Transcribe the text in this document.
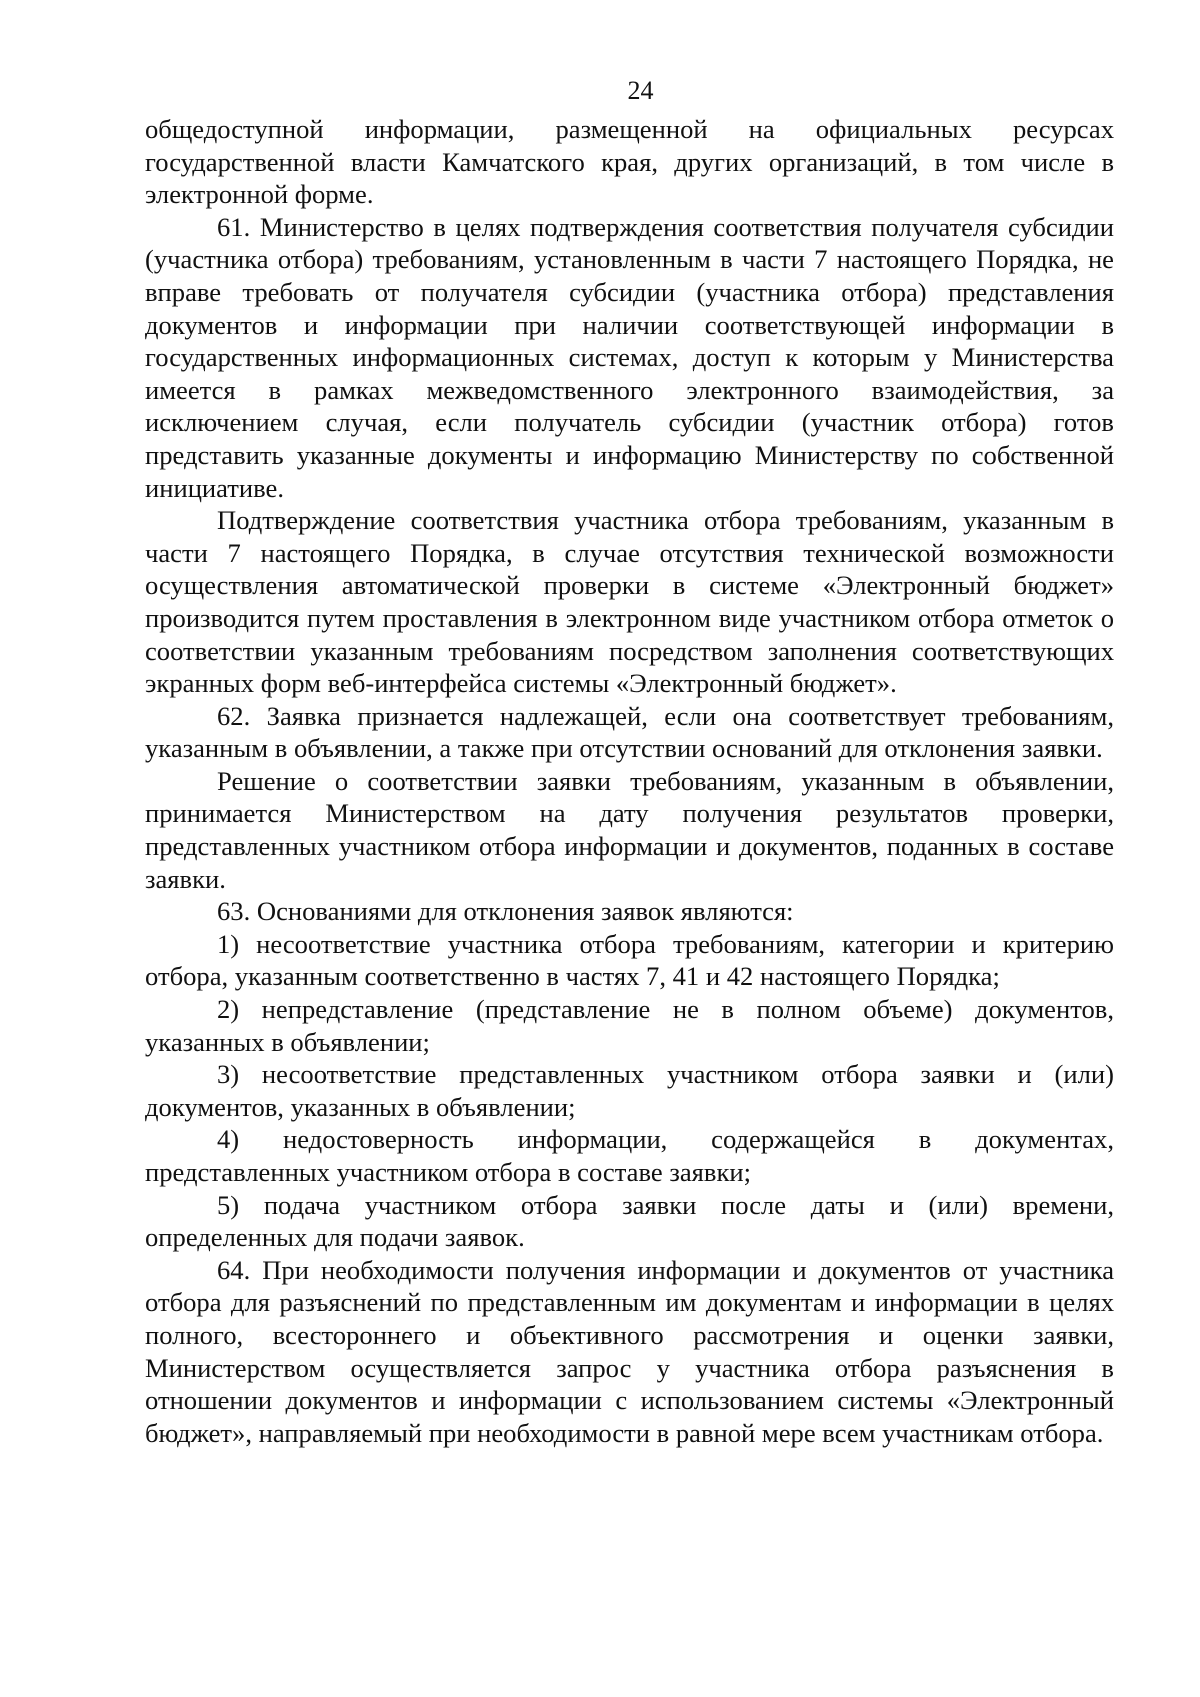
24

общедоступной информации, размещенной на официальных ресурсах государственной власти Камчатского края, других организаций, в том числе в электронной форме.

61. Министерство в целях подтверждения соответствия получателя субсидии (участника отбора) требованиям, установленным в части 7 настоящего Порядка, не вправе требовать от получателя субсидии (участника отбора) представления документов и информации при наличии соответствующей информации в государственных информационных системах, доступ к которым у Министерства имеется в рамках межведомственного электронного взаимодействия, за исключением случая, если получатель субсидии (участник отбора) готов представить указанные документы и информацию Министерству по собственной инициативе.

Подтверждение соответствия участника отбора требованиям, указанным в части 7 настоящего Порядка, в случае отсутствия технической возможности осуществления автоматической проверки в системе «Электронный бюджет» производится путем проставления в электронном виде участником отбора отметок о соответствии указанным требованиям посредством заполнения соответствующих экранных форм веб-интерфейса системы «Электронный бюджет».

62. Заявка признается надлежащей, если она соответствует требованиям, указанным в объявлении, а также при отсутствии оснований для отклонения заявки.

Решение о соответствии заявки требованиям, указанным в объявлении, принимается Министерством на дату получения результатов проверки, представленных участником отбора информации и документов, поданных в составе заявки.

63. Основаниями для отклонения заявок являются:

1) несоответствие участника отбора требованиям, категории и критерию отбора, указанным соответственно в частях 7, 41 и 42 настоящего Порядка;

2) непредставление (представление не в полном объеме) документов, указанных в объявлении;

3) несоответствие представленных участником отбора заявки и (или) документов, указанных в объявлении;

4) недостоверность информации, содержащейся в документах, представленных участником отбора в составе заявки;

5) подача участником отбора заявки после даты и (или) времени, определенных для подачи заявок.

64. При необходимости получения информации и документов от участника отбора для разъяснений по представленным им документам и информации в целях полного, всестороннего и объективного рассмотрения и оценки заявки, Министерством осуществляется запрос у участника отбора разъяснения в отношении документов и информации с использованием системы «Электронный бюджет», направляемый при необходимости в равной мере всем участникам отбора.
